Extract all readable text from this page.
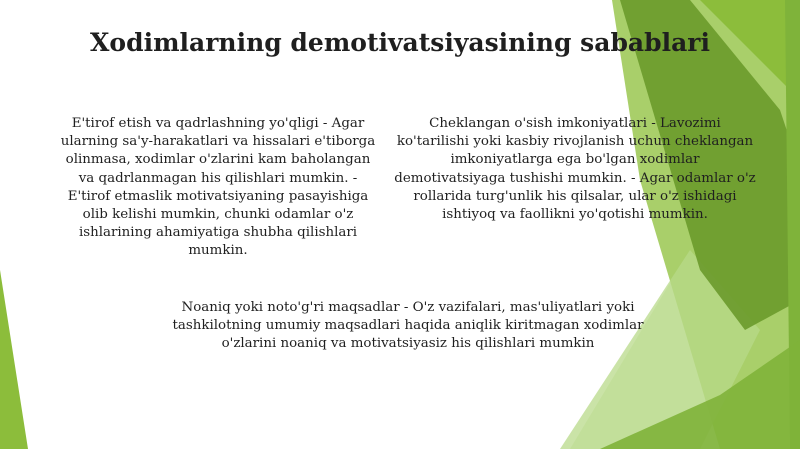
Xodimlarning demotivatsiyasining sabablari

E'tirof etish va qadrlashning yo'qligi - Agar ularning sa'y-harakatlari va hissalari e'tiborga olinmasa, xodimlar o'zlarini kam baholangan va qadrlanmagan his qilishlari mumkin. - E'tirof etmaslik motivatsiyaning pasayishiga olib kelishi mumkin, chunki odamlar o'z ishlarining ahamiyatiga shubha qilishlari mumkin.

Cheklangan o'sish imkoniyatlari - Lavozimi ko'tarilishi yoki kasbiy rivojlanish uchun cheklangan imkoniyatlarga ega bo'lgan xodimlar demotivatsiyaga tushishi mumkin. - Agar odamlar o'z rollarida turg'unlik his qilsalar, ular o'z ishidagi ishtiyoq va faollikni yo'qotishi mumkin.

Noaniq yoki noto'g'ri maqsadlar - O'z vazifalari, mas'uliyatlari yoki tashkilotning umumiy maqsadlari haqida aniqlik kiritmagan xodimlar o'zlarini noaniq va motivatsiyasiz his qilishlari mumkin
